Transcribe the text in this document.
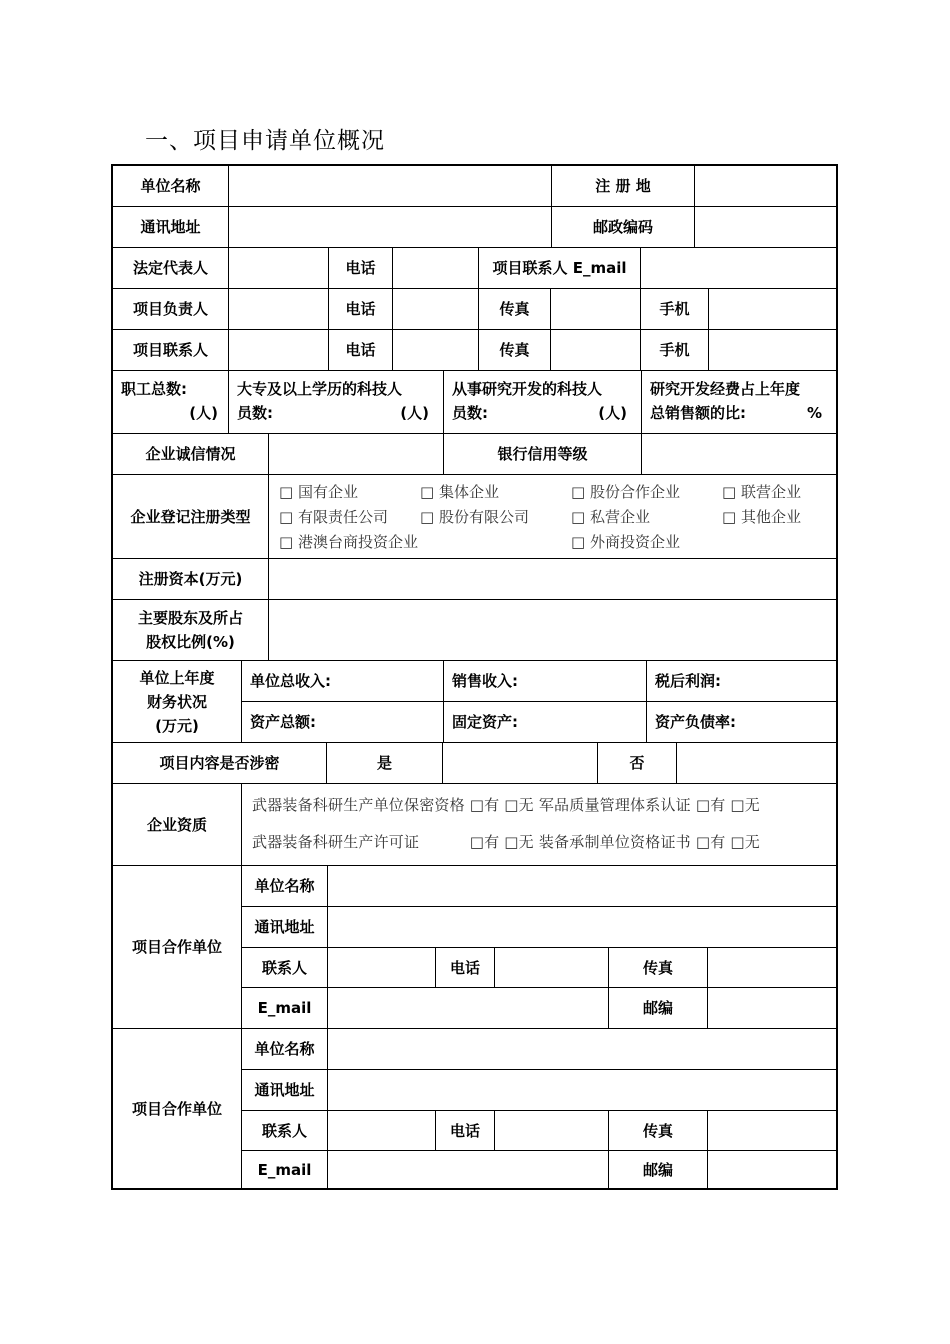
一、项目申请单位概况
单位名称	注 册 地
通讯地址	邮政编码
法定代表人	电话	项目联系人 E_mail
项目负责人	电话	传真	手机
项目联系人	电话	传真	手机
职工总数:
(人)
大专及以上学历的科技人
员数:	(人)
从事研究开发的科技人
员数:	(人)
研究开发经费占上年度
总销售额的比:	%
企业诚信情况	银行信用等级
企业登记注册类型
□ 国有企业	□ 集体企业	□ 股份合作企业	□ 联营企业
□ 有限责任公司 □ 股份有限公司	□ 私营企业	□ 其他企业
□ 港澳台商投资企业	□ 外商投资企业
注册资本(万元)
主要股东及所占
股权比例(%)
单位上年度
财务状况
(万元)
单位总收入:	销售收入:	税后利润:
资产总额:	固定资产:	资产负债率:
项目内容是否涉密	是	否
企业资质
武器装备科研生产单位保密资格 □有 □无 军品质量管理体系认证 □有 □无
武器装备科研生产许可证　　　 □有 □无 装备承制单位资格证书 □有 □无
项目合作单位
单位名称
通讯地址
联系人	电话	传真
E_mail	邮编
项目合作单位
单位名称
通讯地址
联系人	电话	传真
E_mail	邮编
